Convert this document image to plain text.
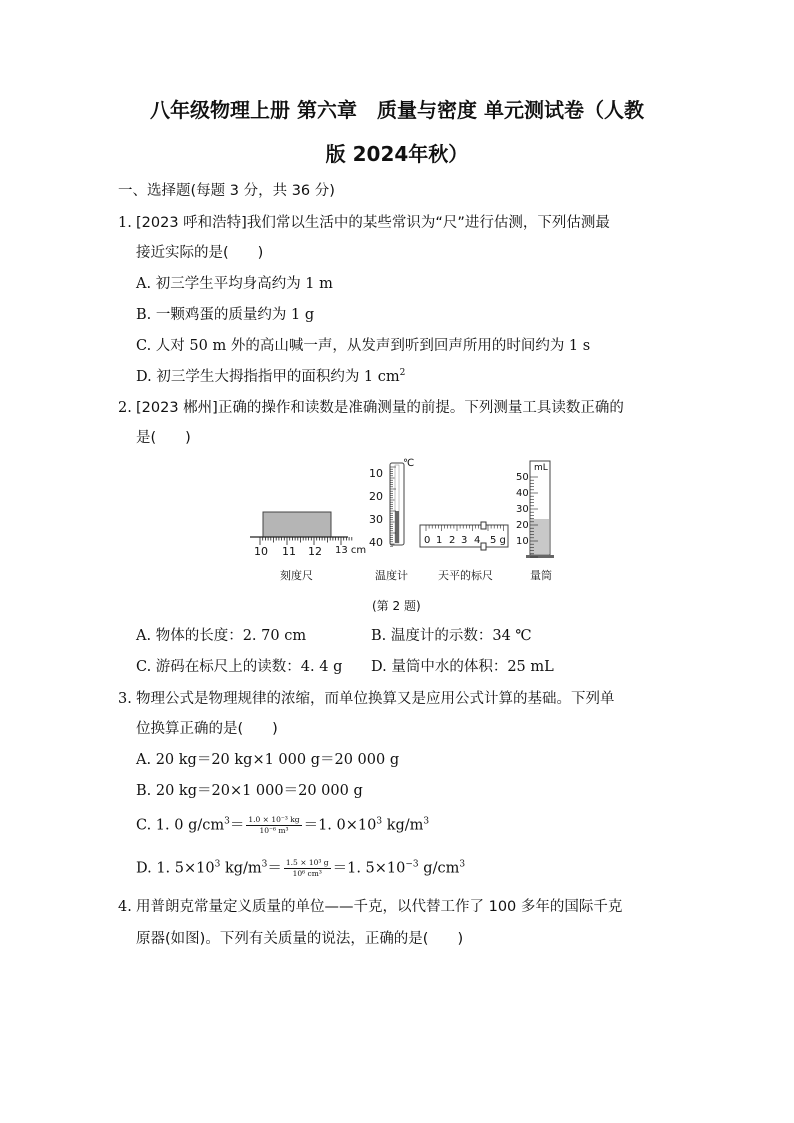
八年级物理上册 第六章　质量与密度 单元测试卷（人教
版 2024年秋）
一、选择题(每题 3 分，共 36 分)
1. [2023 呼和浩特]我们常以生活中的某些常识为“尺”进行估测，下列估测最
接近实际的是(　　)
A. 初三学生平均身高约为 1 m
B. 一颗鸡蛋的质量约为 1 g
C. 人对 50 m 外的高山喊一声，从发声到听到回声所用的时间约为 1 s
D. 初三学生大拇指指甲的面积约为 1 $cm^2$
2. [2023 郴州]正确的操作和读数是准确测量的前提。下列测量工具读数正确的
是(　　)
10 11 12 13 cm
刻度尺
℃
10
20
30
40
温度计
0 1 2 3 4 5 g
天平的标尺
mL
50
40
30
20
10
量筒
(第 2 题)
A. 物体的长度：2. 70 cm	B. 温度计的示数：34 ℃
C. 游码在标尺上的读数：4. 4 g D. 量筒中水的体积：25 mL
3. 物理公式是物理规律的浓缩，而单位换算又是应用公式计算的基础。下列单
位换算正确的是(　　)
A. 20 kg＝20 kg×1 000 g＝20 000 g
B. 20 kg＝20×1 000＝20 000 g
C. 1. 0 $g/cm^3= \frac{\text{1.0 × 10⁻³ kg}}{\text{10⁻⁶ m³}} =1$. $0\times 10^3$ $kg/m^3$
D. 1. $5\times 10^3$ $kg/m^3= \frac{\text{1.5 × 10³ g}}{\text{10⁶ cm³}} =1$. $5\times 10^{-3}$ $g/cm^3$
4. 用普朗克常量定义质量的单位——千克，以代替工作了 100 多年的国际千克
原器(如图)。下列有关质量的说法，正确的是(　　)
